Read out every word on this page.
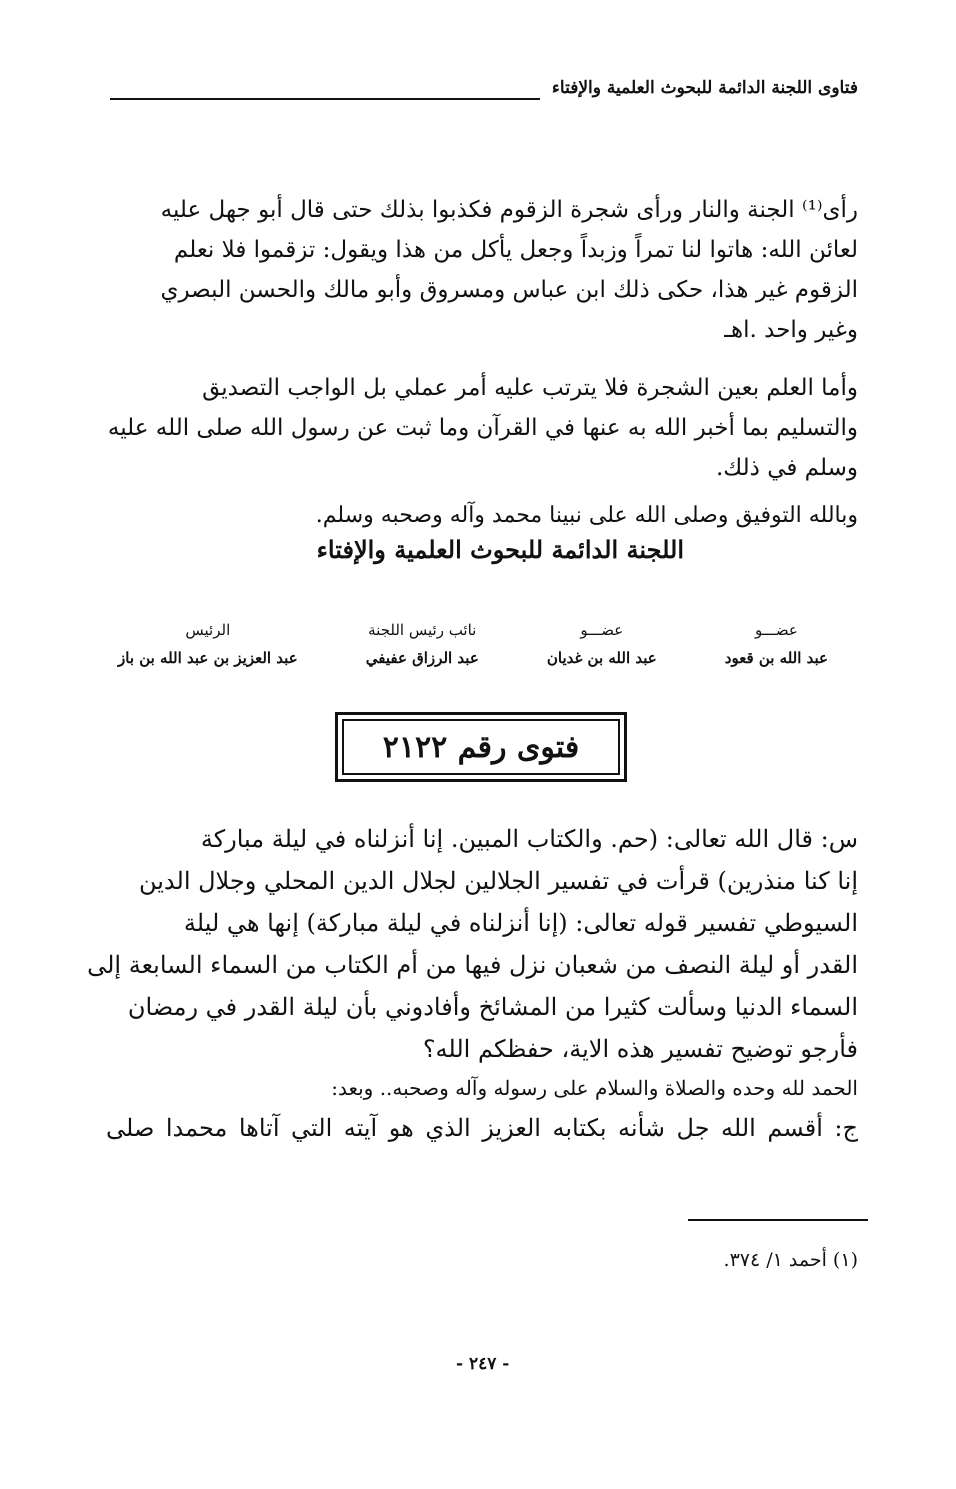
فتاوى اللجنة الدائمة للبحوث العلمية والإفتاء
رأى⁽¹⁾ الجنة والنار ورأى شجرة الزقوم فكذبوا بذلك حتى قال أبو جهل عليه
لعائن الله: هاتوا لنا تمراً وزبداً وجعل يأكل من هذا ويقول: تزقموا فلا نعلم
الزقوم غير هذا، حكى ذلك ابن عباس ومسروق وأبو مالك والحسن البصري
وغير واحد .اهـ
وأما العلم بعين الشجرة فلا يترتب عليه أمر عملي بل الواجب التصديق
والتسليم بما أخبر الله به عنها في القرآن وما ثبت عن رسول الله صلى الله عليه
وسلم في ذلك.
وبالله التوفيق وصلى الله على نبينا محمد وآله وصحبه وسلم.
اللجنة الدائمة للبحوث العلمية والإفتاء
عضـــو
عبد الله بن قعود
عضـــو
عبد الله بن غديان
نائب رئيس اللجنة
عبد الرزاق عفيفي
الرئيس
عبد العزيز بن عبد الله بن باز
فتوى رقم ٢١٢٢
س: قال الله تعالى: (حم. والكتاب المبين. إنا أنزلناه في ليلة مباركة
إنا كنا منذرين) قرأت في تفسير الجلالين لجلال الدين المحلي وجلال الدين
السيوطي تفسير قوله تعالى: (إنا أنزلناه في ليلة مباركة) إنها هي ليلة
القدر أو ليلة النصف من شعبان نزل فيها من أم الكتاب من السماء السابعة إلى
السماء الدنيا وسألت كثيرا من المشائخ وأفادوني بأن ليلة القدر في رمضان
فأرجو توضيح تفسير هذه الاية، حفظكم الله؟
الحمد لله وحده والصلاة والسلام على رسوله وآله وصحبه.. وبعد:
ج: أقسم الله جل شأنه بكتابه العزيز الذي هو آيته التي آتاها محمدا صلى
(١) أحمد ١/ ٣٧٤.
- ٢٤٧ -
